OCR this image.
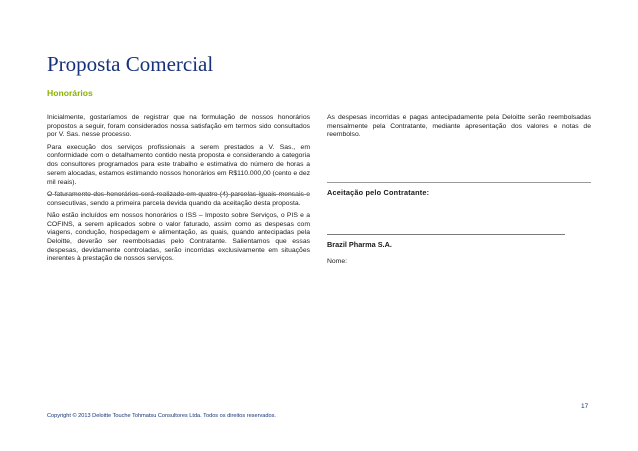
Proposta Comercial
Honorários

Inicialmente, gostaríamos de registrar que na formulação de nossos honorários propostos a seguir, foram considerados nossa satisfação em termos sido consultados por V. Sas. nesse processo.

Para execução dos serviços profissionais a serem prestados a V. Sas., em conformidade com o detalhamento contido nesta proposta e considerando a categoria dos consultores programados para este trabalho e estimativa do número de horas a serem alocadas, estamos estimando nossos honorários em R$110.000,00 (cento e dez mil reais).

O faturamento dos honorários será realizado em quatro (4) parcelas iguais mensais e consecutivas, sendo a primeira parcela devida quando da aceitação desta proposta.

Não estão incluídos em nossos honorários o ISS – Imposto sobre Serviços, o PIS e a COFINS, a serem aplicados sobre o valor faturado, assim como as despesas com viagens, condução, hospedagem e alimentação, as quais, quando antecipadas pela Deloitte, deverão ser reembolsadas pelo Contratante. Salientamos que essas despesas, devidamente controladas, serão incorridas exclusivamente em situações inerentes à prestação de nossos serviços.

As despesas incorridas e pagas antecipadamente pela Deloitte serão reembolsadas mensalmente pela Contratante, mediante apresentação dos valores e notas de reembolso.

Aceitação pelo Contratante:
Brazil Pharma S.A.
Nome:
17
Copyright © 2013 Deloitte Touche Tohmatsu Consultores Ltda. Todos os direitos reservados.
